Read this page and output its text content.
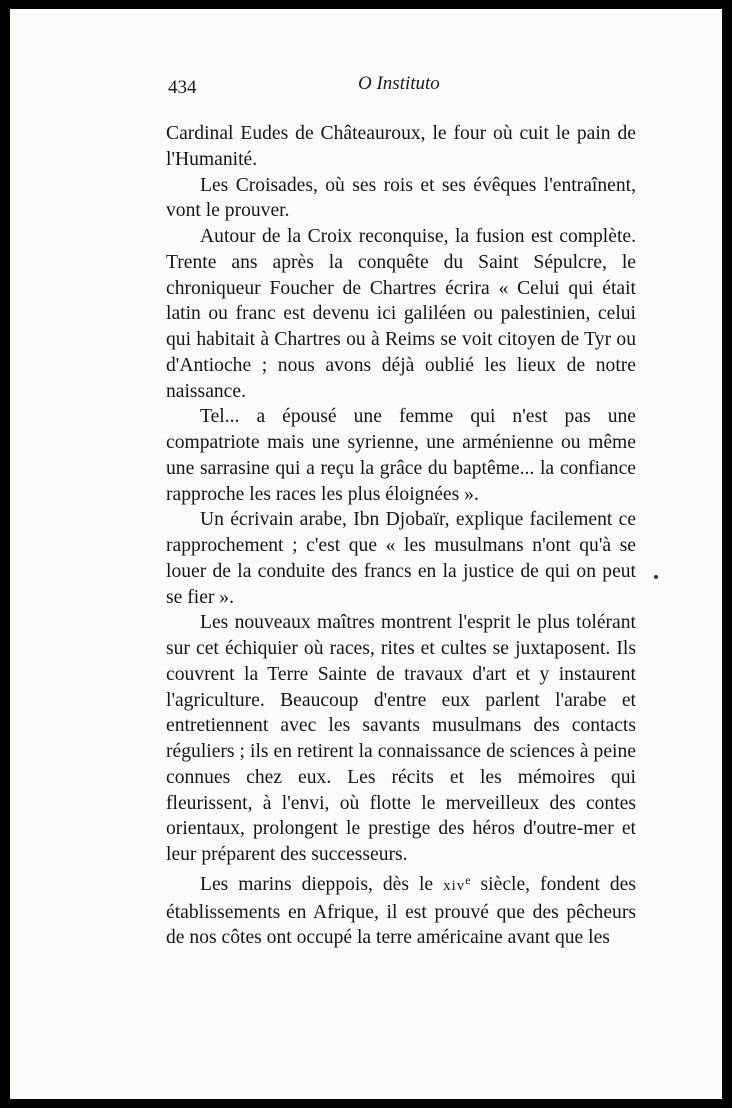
434	O Instituto

Cardinal Eudes de Châteauroux, le four où cuit le pain de l'Humanité.

Les Croisades, où ses rois et ses évêques l'entraînent, vont le prouver.

Autour de la Croix reconquise, la fusion est complète. Trente ans après la conquête du Saint Sépulcre, le chroniqueur Foucher de Chartres écrira « Celui qui était latin ou franc est devenu ici galiléen ou palestinien, celui qui habitait à Chartres ou à Reims se voit citoyen de Tyr ou d'Antioche ; nous avons déjà oublié les lieux de notre naissance.

Tel... a épousé une femme qui n'est pas une compatriote mais une syrienne, une arménienne ou même une sarrasine qui a reçu la grâce du baptême... la confiance rapproche les races les plus éloignées ».

Un écrivain arabe, Ibn Djobaïr, explique facilement ce rapprochement ; c'est que « les musulmans n'ont qu'à se louer de la conduite des francs en la justice de qui on peut se fier ».

Les nouveaux maîtres montrent l'esprit le plus tolérant sur cet échiquier où races, rites et cultes se juxtaposent. Ils couvrent la Terre Sainte de travaux d'art et y instaurent l'agriculture. Beaucoup d'entre eux parlent l'arabe et entretiennent avec les savants musulmans des contacts réguliers ; ils en retirent la connaissance de sciences à peine connues chez eux. Les récits et les mémoires qui fleurissent, à l'envi, où flotte le merveilleux des contes orientaux, prolongent le prestige des héros d'outre-mer et leur préparent des successeurs.

Les marins dieppois, dès le xiv$^e$ siècle, fondent des établissements en Afrique, il est prouvé que des pêcheurs de nos côtes ont occupé la terre américaine avant que les
